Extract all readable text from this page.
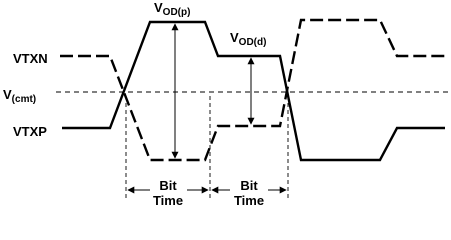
VTXN
VTXP
$V_{(cmt)}$
$V_{OD(p)}$
$V_{OD(d)}$
Bit
Time
Bit
Time
